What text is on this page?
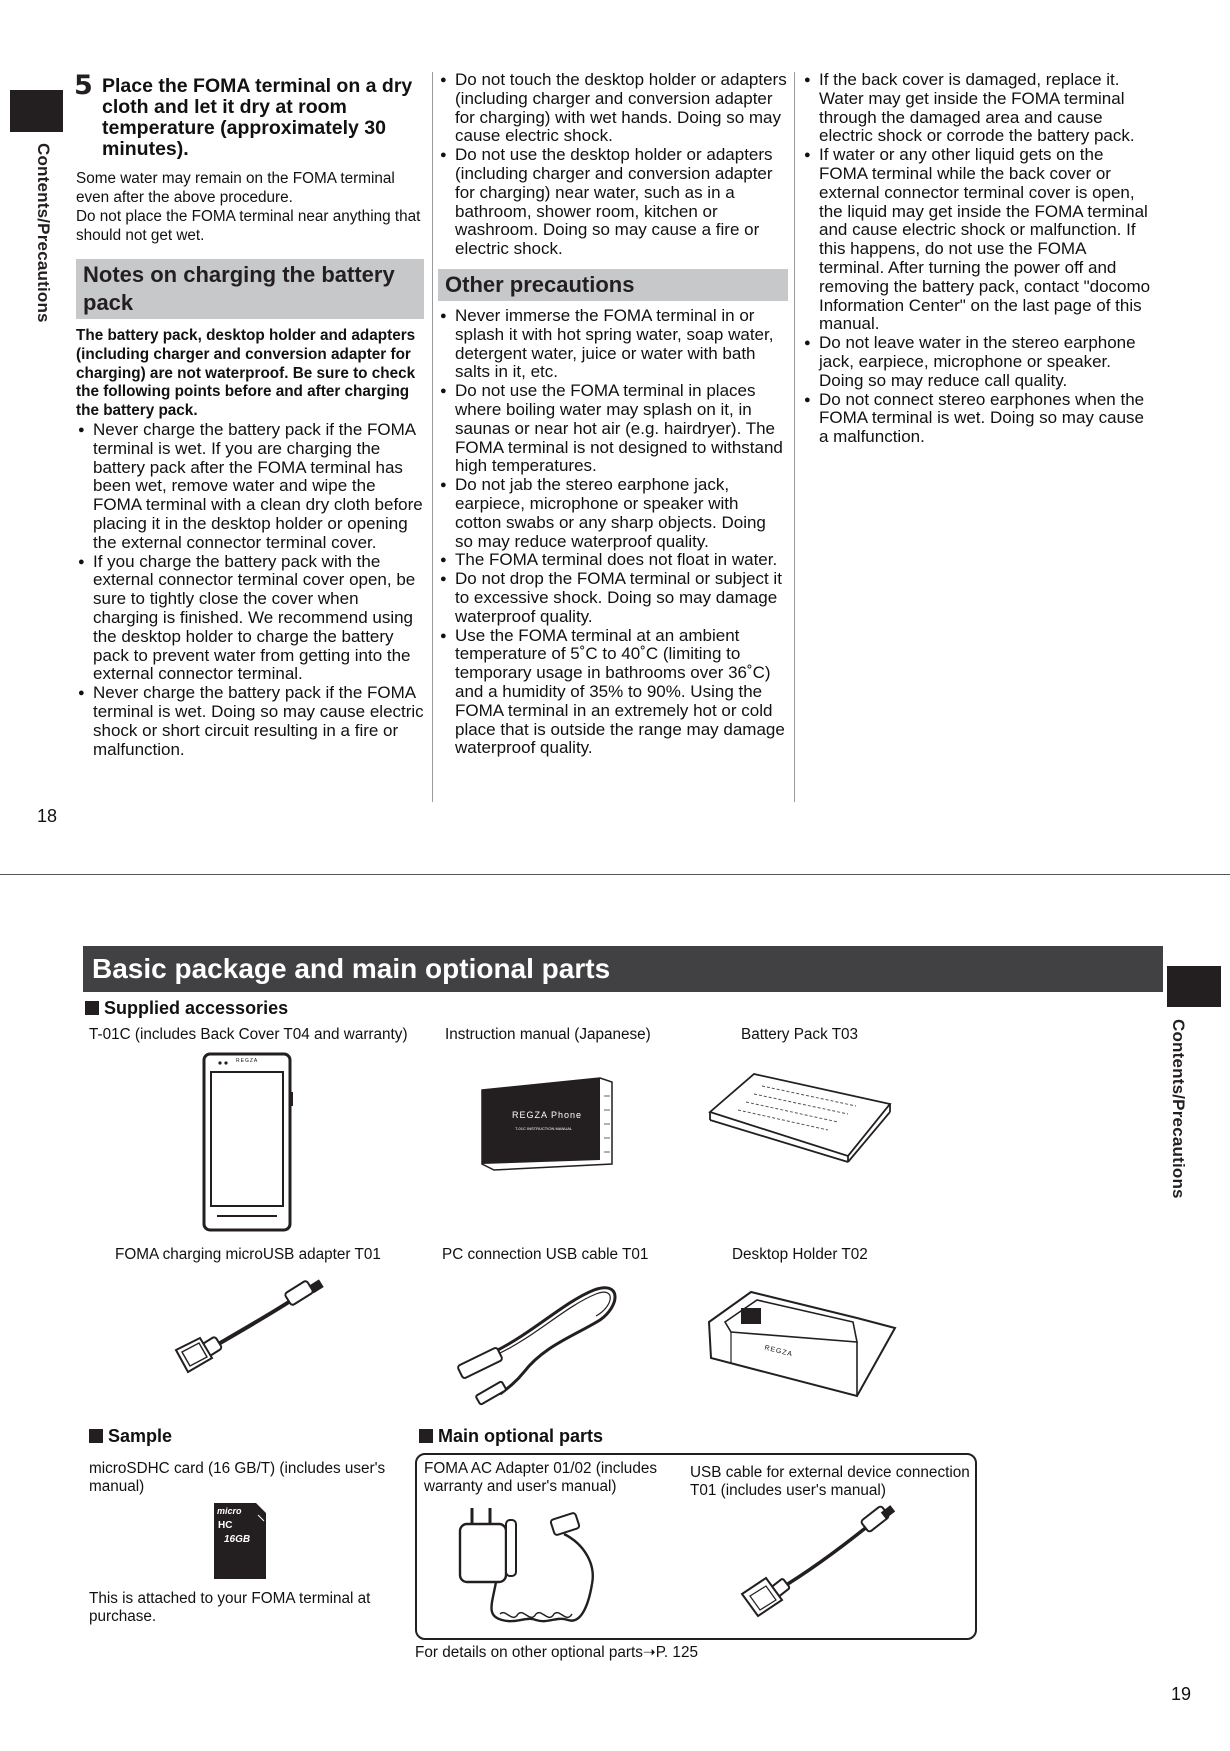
Contents/Precautions
5 Place the FOMA terminal on a dry cloth and let it dry at room temperature (approximately 30 minutes).

Some water may remain on the FOMA terminal even after the above procedure.

Do not place the FOMA terminal near anything that should not get wet.

Notes on charging the battery pack
The battery pack, desktop holder and adapters (including charger and conversion adapter for charging) are not waterproof. Be sure to check the following points before and after charging the battery pack.
● Never charge the battery pack if the FOMA terminal is wet. If you are charging the battery pack after the FOMA terminal has been wet, remove water and wipe the FOMA terminal with a clean dry cloth before placing it in the desktop holder or opening the external connector terminal cover.
● If you charge the battery pack with the external connector terminal cover open, be sure to tightly close the cover when charging is finished. We recommend using the desktop holder to charge the battery pack to prevent water from getting into the external connector terminal.
● Never charge the battery pack if the FOMA terminal is wet. Doing so may cause electric shock or short circuit resulting in a fire or malfunction.
● Do not touch the desktop holder or adapters (including charger and conversion adapter for charging) with wet hands. Doing so may cause electric shock.
● Do not use the desktop holder or adapters (including charger and conversion adapter for charging) near water, such as in a bathroom, shower room, kitchen or washroom. Doing so may cause a fire or electric shock.
Other precautions
● Never immerse the FOMA terminal in or splash it with hot spring water, soap water, detergent water, juice or water with bath salts in it, etc.
● Do not use the FOMA terminal in places where boiling water may splash on it, in saunas or near hot air (e.g. hairdryer). The FOMA terminal is not designed to withstand high temperatures.
● Do not jab the stereo earphone jack, earpiece, microphone or speaker with cotton swabs or any sharp objects. Doing so may reduce waterproof quality.
● The FOMA terminal does not float in water.
● Do not drop the FOMA terminal or subject it to excessive shock. Doing so may damage waterproof quality.
● Use the FOMA terminal at an ambient temperature of 5˚C to 40˚C (limiting to temporary usage in bathrooms over 36˚C) and a humidity of 35% to 90%. Using the FOMA terminal in an extremely hot or cold place that is outside the range may damage waterproof quality.
● If the back cover is damaged, replace it. Water may get inside the FOMA terminal through the damaged area and cause electric shock or corrode the battery pack.
● If water or any other liquid gets on the FOMA terminal while the back cover or external connector terminal cover is open, the liquid may get inside the FOMA terminal and cause electric shock or malfunction. If this happens, do not use the FOMA terminal. After turning the power off and removing the battery pack, contact "docomo Information Center" on the last page of this manual.
● Do not leave water in the stereo earphone jack, earpiece, microphone or speaker. Doing so may reduce call quality.
● Do not connect stereo earphones when the FOMA terminal is wet. Doing so may cause a malfunction.
18
Basic package and main optional parts
Contents/Precautions
Supplied accessories
T-01C (includes Back Cover T04 and warranty) Instruction manual (Japanese)	Battery Pack T03
REGZA
REGZA Phone
T-01C INSTRUCTION MANUAL
FOMA charging microUSB adapter T01	PC connection USB cable T01	Desktop Holder T02
REGZA
Sample
microSDHC card (16 GB/T) (includes user's manual)
micro
HC
16GB
This is attached to your FOMA terminal at purchase.
Main optional parts
FOMA AC Adapter 01/02 (includes warranty and user's manual)
USB cable for external device connection T01 (includes user's manual)
For details on other optional parts➝P. 125
19
